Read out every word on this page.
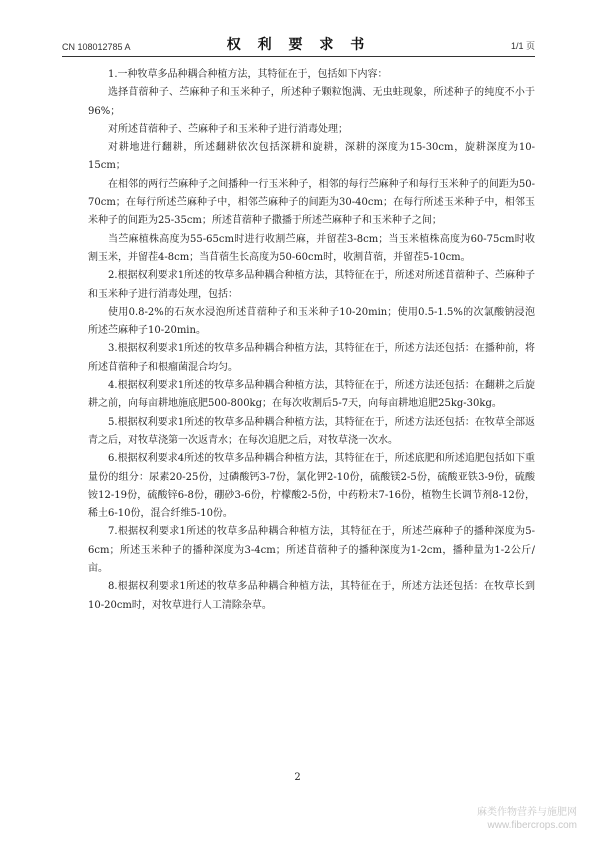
CN 108012785 A	权 利 要 求 书	1/1 页

1.一种牧草多品种耦合种植方法，其特征在于，包括如下内容：

选择苜蓿种子、苎麻种子和玉米种子，所述种子颗粒饱满、无虫蛀现象，所述种子的纯度不小于96%；

对所述苜蓿种子、苎麻种子和玉米种子进行消毒处理；

对耕地进行翻耕，所述翻耕依次包括深耕和旋耕，深耕的深度为15-30cm，旋耕深度为10-15cm；

在相邻的两行苎麻种子之间播种一行玉米种子，相邻的每行苎麻种子和每行玉米种子的间距为50-70cm；在每行所述苎麻种子中，相邻苎麻种子的间距为30-40cm；在每行所述玉米种子中，相邻玉米种子的间距为25-35cm；所述苜蓿种子撒播于所述苎麻种子和玉米种子之间；

当苎麻植株高度为55-65cm时进行收割苎麻，并留茬3-8cm；当玉米植株高度为60-75cm时收割玉米，并留茬4-8cm；当苜蓿生长高度为50-60cm时，收割苜蓿，并留茬5-10cm。

2.根据权利要求1所述的牧草多品种耦合种植方法，其特征在于，所述对所述苜蓿种子、苎麻种子和玉米种子进行消毒处理，包括：

使用0.8-2%的石灰水浸泡所述苜蓿种子和玉米种子10-20min；使用0.5-1.5%的次氯酸钠浸泡所述苎麻种子10-20min。

3.根据权利要求1所述的牧草多品种耦合种植方法，其特征在于，所述方法还包括：在播种前，将所述苜蓿种子和根瘤菌混合均匀。

4.根据权利要求1所述的牧草多品种耦合种植方法，其特征在于，所述方法还包括：在翻耕之后旋耕之前，向每亩耕地施底肥500-800kg；在每次收割后5-7天，向每亩耕地追肥25kg-30kg。

5.根据权利要求1所述的牧草多品种耦合种植方法，其特征在于，所述方法还包括：在牧草全部返青之后，对牧草浇第一次返青水；在每次追肥之后，对牧草浇一次水。

6.根据权利要求4所述的牧草多品种耦合种植方法，其特征在于，所述底肥和所述追肥包括如下重量份的组分：尿素20-25份，过磷酸钙3-7份，氯化钾2-10份，硫酸镁2-5份，硫酸亚铁3-9份，硫酸铵12-19份，硫酸锌6-8份，硼砂3-6份，柠檬酸2-5份，中药粉末7-16份，植物生长调节剂8-12份，稀土6-10份，混合纤维5-10份。

7.根据权利要求1所述的牧草多品种耦合种植方法，其特征在于，所述苎麻种子的播种深度为5-6cm；所述玉米种子的播种深度为3-4cm；所述苜蓿种子的播种深度为1-2cm，播种量为1-2公斤/亩。

8.根据权利要求1所述的牧草多品种耦合种植方法，其特征在于，所述方法还包括：在牧草长到10-20cm时，对牧草进行人工清除杂草。

2
麻类作物营养与施肥网
www.fibercrops.com
